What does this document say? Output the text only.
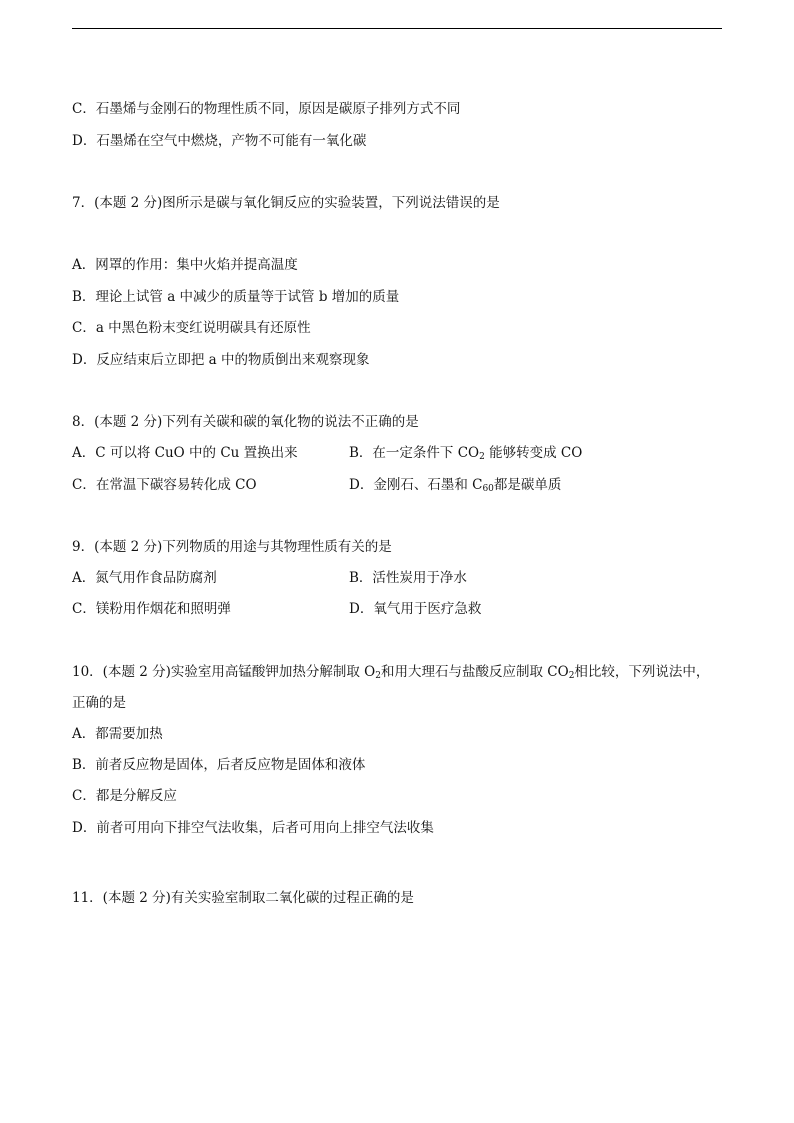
C．石墨烯与金刚石的物理性质不同，原因是碳原子排列方式不同
D．石墨烯在空气中燃烧，产物不可能有一氧化碳
7．(本题 2 分)图所示是碳与氧化铜反应的实验装置，下列说法错误的是
A．网罩的作用：集中火焰并提高温度
B．理论上试管 a 中减少的质量等于试管 b 增加的质量
C．a 中黑色粉末变红说明碳具有还原性
D．反应结束后立即把 a 中的物质倒出来观察现象
8．(本题 2 分)下列有关碳和碳的氧化物的说法不正确的是
A．C 可以将 CuO 中的 Cu 置换出来	B．在一定条件下 $CO_2$ 能够转变成 CO
C．在常温下碳容易转化成 CO	D．金刚石、石墨和 $C_{60}$都是碳单质
9．(本题 2 分)下列物质的用途与其物理性质有关的是
A．氮气用作食品防腐剂	B．活性炭用于净水
C．镁粉用作烟花和照明弹	D．氧气用于医疗急救
10．(本题 2 分)实验室用高锰酸钾加热分解制取 $O_2$和用大理石与盐酸反应制取 $CO_2$相比较，下列说法中，
正确的是
A．都需要加热
B．前者反应物是固体，后者反应物是固体和液体
C．都是分解反应
D．前者可用向下排空气法收集，后者可用向上排空气法收集
11．(本题 2 分)有关实验室制取二氧化碳的过程正确的是
